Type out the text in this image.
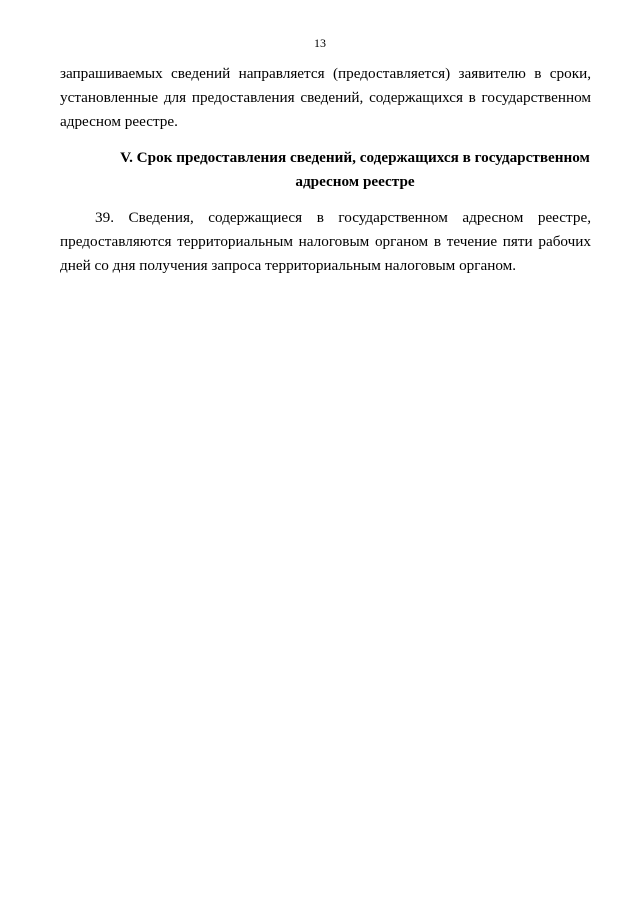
13
запрашиваемых сведений направляется (предоставляется) заявителю в сроки,
установленные для предоставления сведений, содержащихся в государственном
адресном реестре.
V. Срок предоставления сведений, содержащихся в государственном
адресном реестре
39. Сведения, содержащиеся в государственном адресном реестре,
предоставляются территориальным налоговым органом в течение пяти рабочих
дней со дня получения запроса территориальным налоговым органом.
